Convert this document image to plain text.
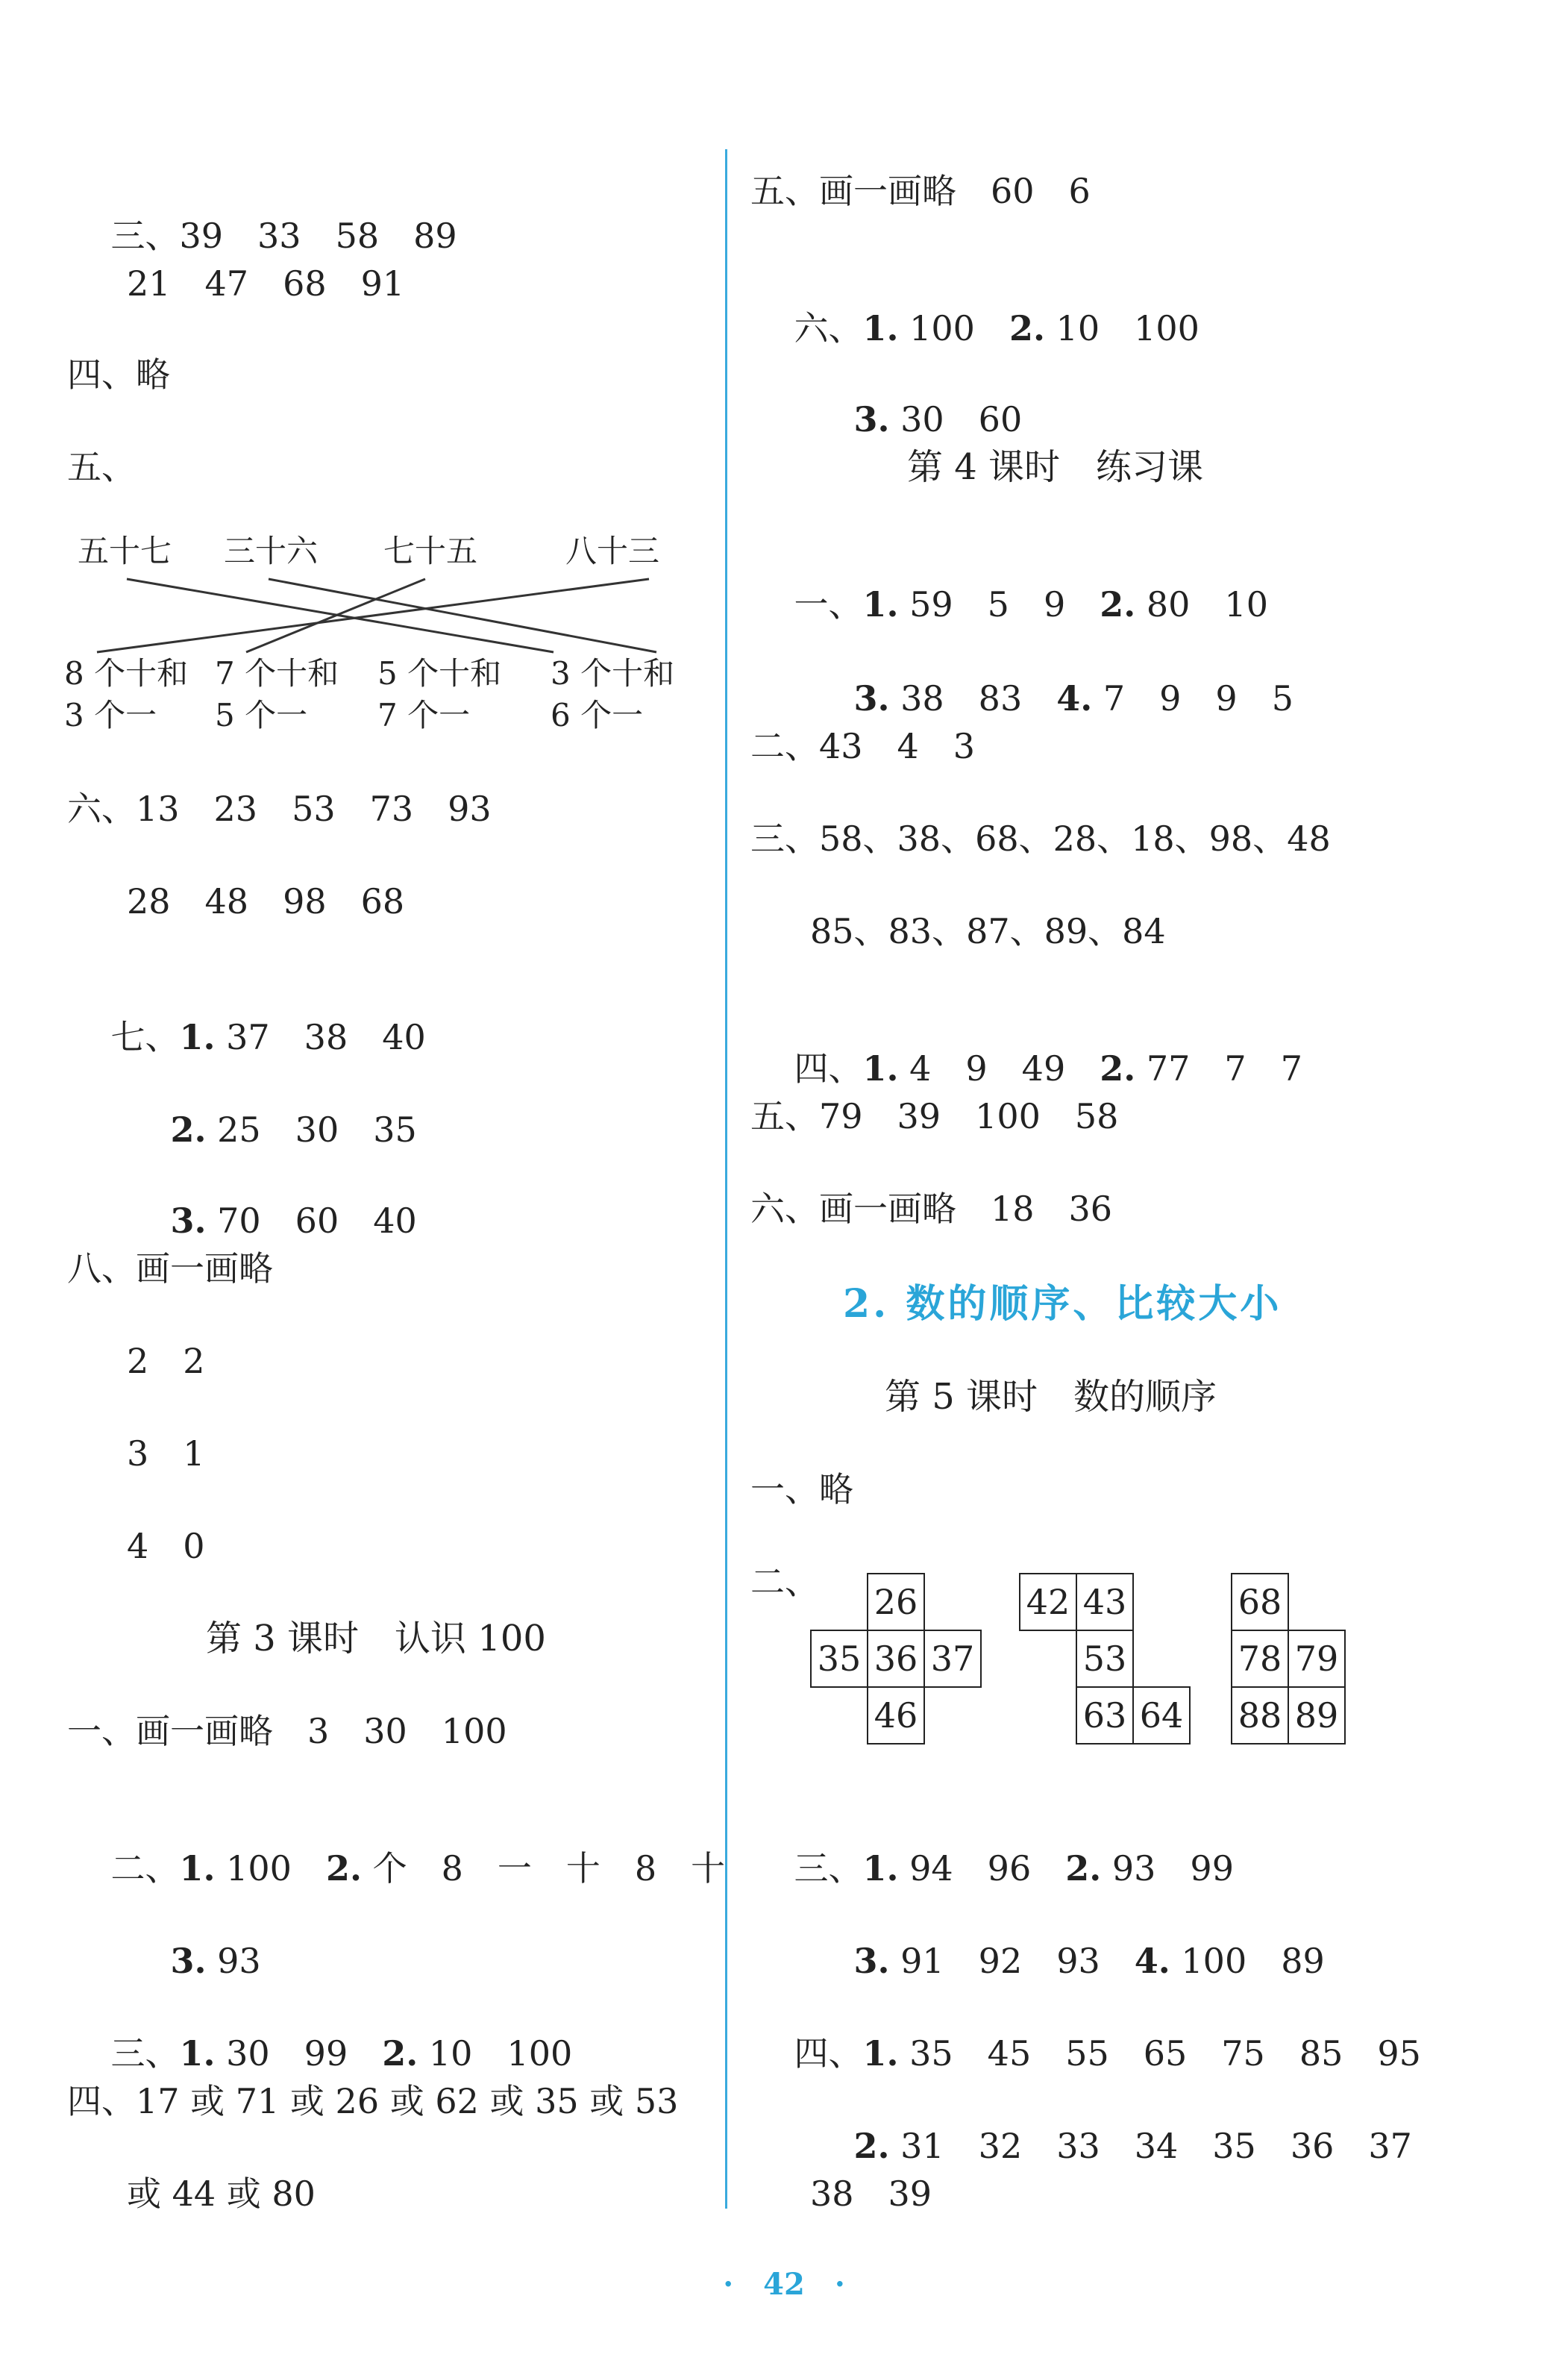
三、39　33　58　89

21　47　68　91
四、略
五、
五十七 三十六 七十五	八十三
8 个十和
3 个一
7 个十和
5 个一
5 个十和
7 个一
3 个十和
6 个一
六、13　23　53　73　93
28　48　98　68

七、1. 37　38　40

2. 25　30　35

3. 70　60　40

八、画一画略
2　2
3　1
4　0
第 3 课时　认识 100
一、画一画略　3　30　100

二、1. 100　2. 个　8　一　十　8　十

3. 93

三、1. 30　99　2. 10　100

四、17 或 71 或 26 或 62 或 35 或 53
或 44 或 80
五、画一画略　60　6

六、1. 100　2. 10　100

3. 30　60

第 4 课时　练习课

一、1. 59　5　9　2. 80　10

3. 38　83　4. 7　9　9　5

二、43　4　3
三、58、38、68、28、18、98、48
85、83、87、89、84

四、1. 4　9　49　2. 77　7　7

五、79　39　100　58
六、画一画略　18　36
2. 数的顺序、比较大小
第 5 课时　数的顺序
一、略
二、 26
35 36 37
46
42 43
53
63 64
68
78 79
88 89

三、1. 94　96　2. 93　99

3. 91　92　93　4. 100　89

四、1. 35　45　55　65　75　85　95

2. 31　32　33　34　35　36　37

38　39
·　42　·
